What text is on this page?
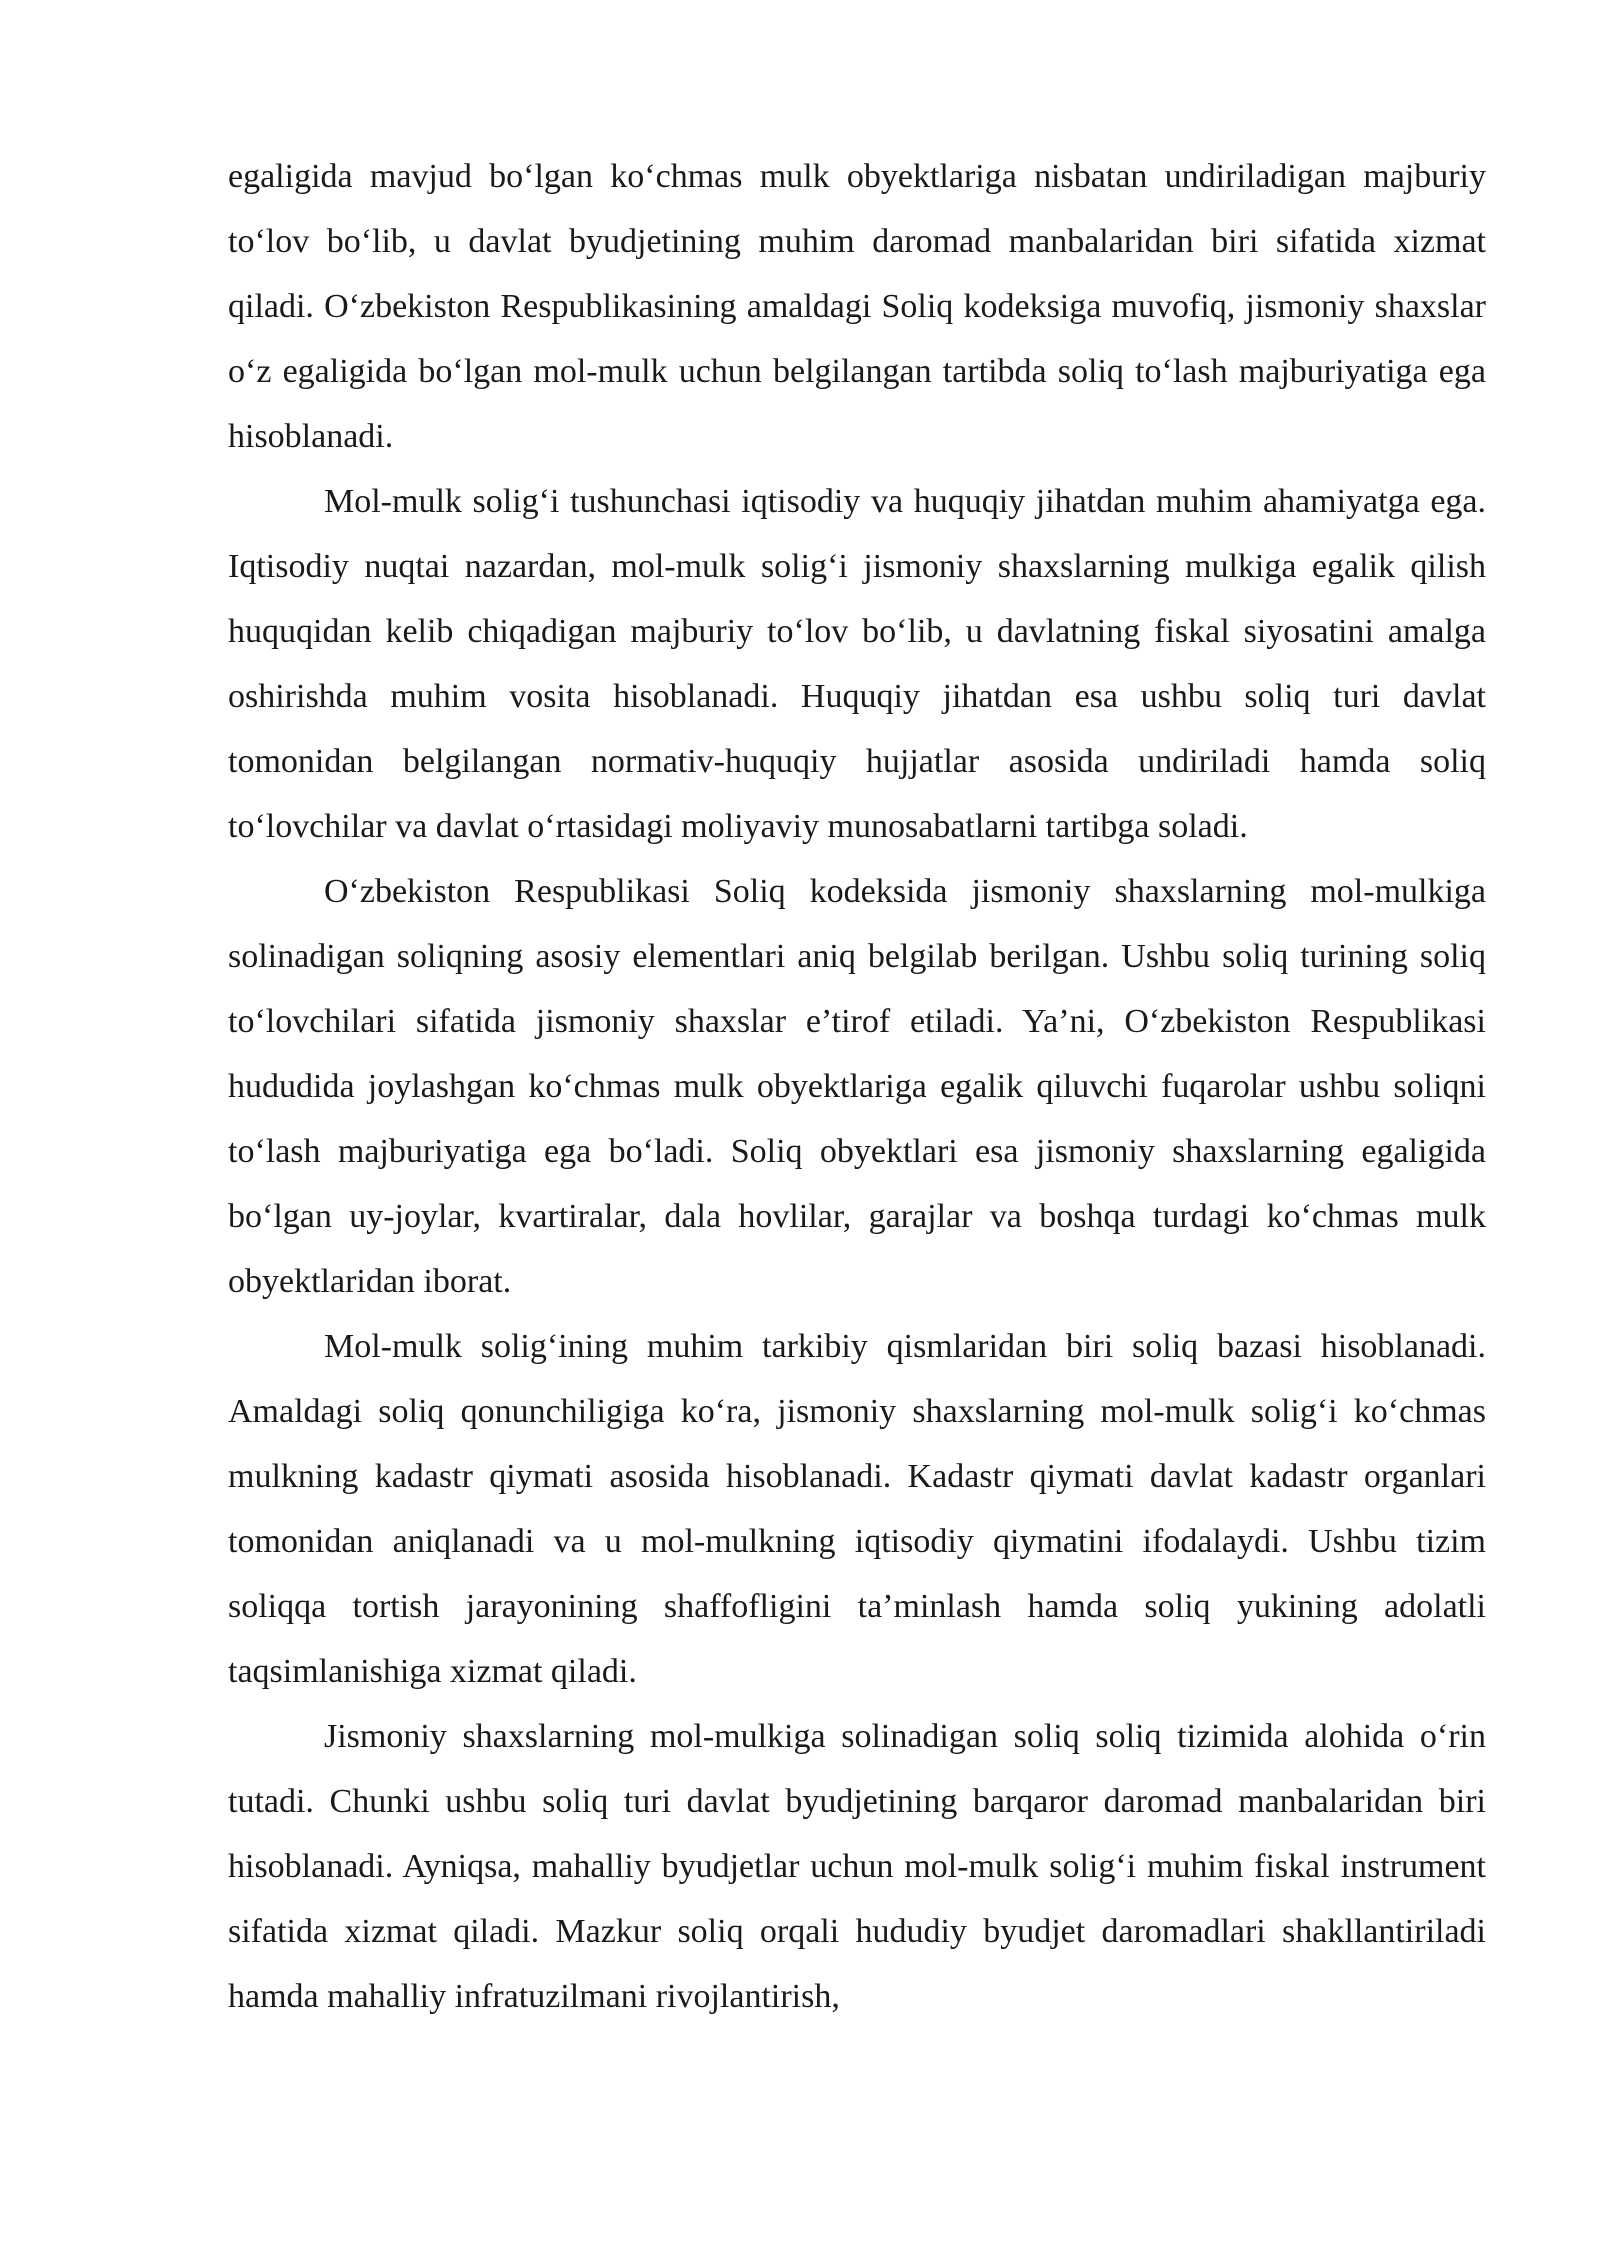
egaligida mavjud bo‘lgan ko‘chmas mulk obyektlariga nisbatan undiriladigan majburiy to‘lov bo‘lib, u davlat byudjetining muhim daromad manbalaridan biri sifatida xizmat qiladi. O‘zbekiston Respublikasining amaldagi Soliq kodeksiga muvofiq, jismoniy shaxslar o‘z egaligida bo‘lgan mol-mulk uchun belgilangan tartibda soliq to‘lash majburiyatiga ega hisoblanadi.

Mol-mulk solig‘i tushunchasi iqtisodiy va huquqiy jihatdan muhim ahamiyatga ega. Iqtisodiy nuqtai nazardan, mol-mulk solig‘i jismoniy shaxslarning mulkiga egalik qilish huquqidan kelib chiqadigan majburiy to‘lov bo‘lib, u davlatning fiskal siyosatini amalga oshirishda muhim vosita hisoblanadi. Huquqiy jihatdan esa ushbu soliq turi davlat tomonidan belgilangan normativ-huquqiy hujjatlar asosida undiriladi hamda soliq to‘lovchilar va davlat o‘rtasidagi moliyaviy munosabatlarni tartibga soladi.

O‘zbekiston Respublikasi Soliq kodeksida jismoniy shaxslarning mol-mulkiga solinadigan soliqning asosiy elementlari aniq belgilab berilgan. Ushbu soliq turining soliq to‘lovchilari sifatida jismoniy shaxslar e’tirof etiladi. Ya’ni, O‘zbekiston Respublikasi hududida joylashgan ko‘chmas mulk obyektlariga egalik qiluvchi fuqarolar ushbu soliqni to‘lash majburiyatiga ega bo‘ladi. Soliq obyektlari esa jismoniy shaxslarning egaligida bo‘lgan uy-joylar, kvartiralar, dala hovlilar, garajlar va boshqa turdagi ko‘chmas mulk obyektlaridan iborat.

Mol-mulk solig‘ining muhim tarkibiy qismlaridan biri soliq bazasi hisoblanadi. Amaldagi soliq qonunchiligiga ko‘ra, jismoniy shaxslarning mol-mulk solig‘i ko‘chmas mulkning kadastr qiymati asosida hisoblanadi. Kadastr qiymati davlat kadastr organlari tomonidan aniqlanadi va u mol-mulkning iqtisodiy qiymatini ifodalaydi. Ushbu tizim soliqqa tortish jarayonining shaffofligini ta’minlash hamda soliq yukining adolatli taqsimlanishiga xizmat qiladi.

Jismoniy shaxslarning mol-mulkiga solinadigan soliq soliq tizimida alohida o‘rin tutadi. Chunki ushbu soliq turi davlat byudjetining barqaror daromad manbalaridan biri hisoblanadi. Ayniqsa, mahalliy byudjetlar uchun mol-mulk solig‘i muhim fiskal instrument sifatida xizmat qiladi. Mazkur soliq orqali hududiy byudjet daromadlari shakllantiriladi hamda mahalliy infratuzilmani rivojlantirish,
